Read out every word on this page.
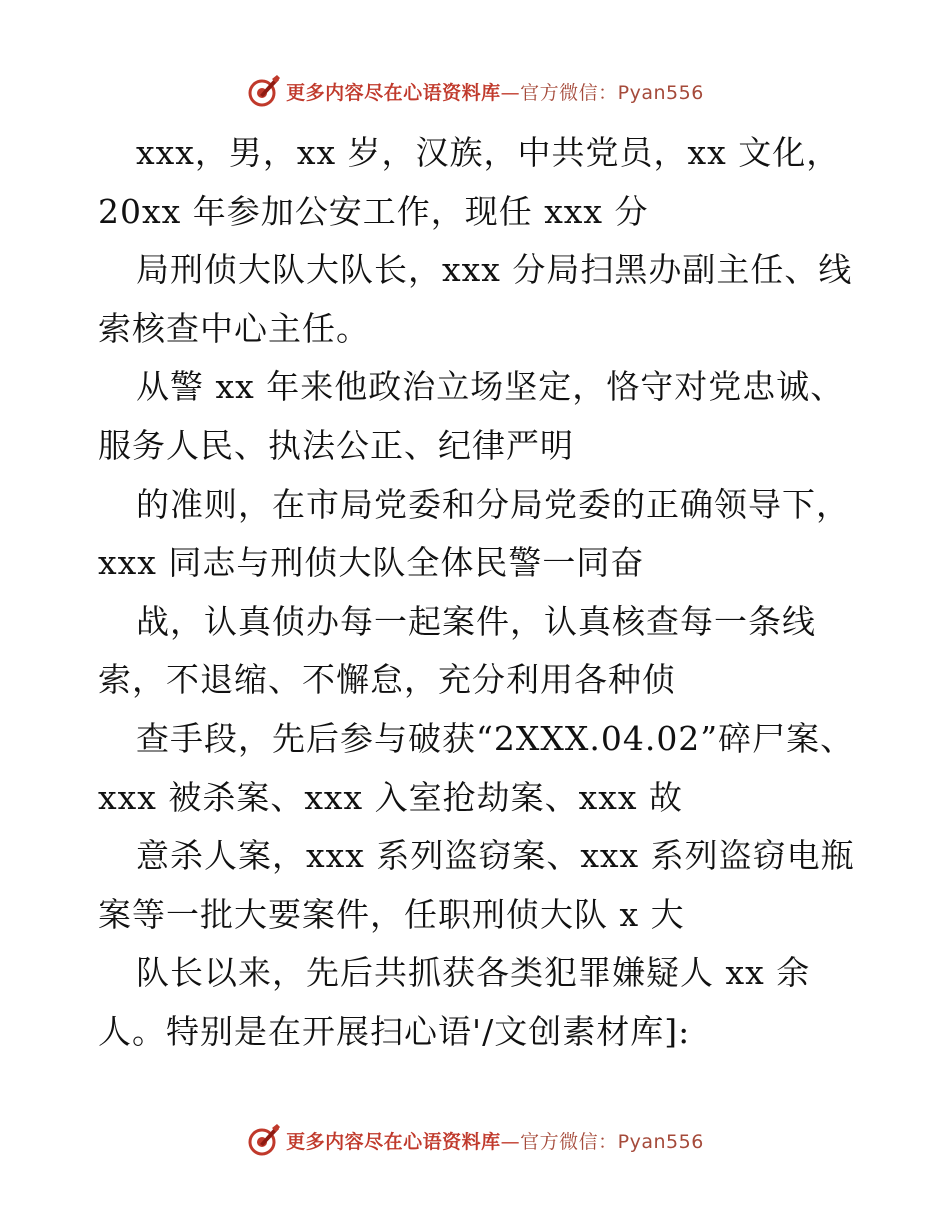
更多内容尽在心语资料库—官方微信：Pyan556
xxx，男，xx 岁，汉族，中共党员，xx 文化，
20xx 年参加公安工作，现任 xxx 分
局刑侦大队大队长，xxx 分局扫黑办副主任、线
索核查中心主任。
从警 xx 年来他政治立场坚定，恪守对党忠诚、
服务人民、执法公正、纪律严明
的准则，在市局党委和分局党委的正确领导下，
xxx 同志与刑侦大队全体民警一同奋
战，认真侦办每一起案件，认真核查每一条线
索，不退缩、不懈怠，充分利用各种侦
查手段，先后参与破获“2XXX.04.02”碎尸案、
xxx 被杀案、xxx 入室抢劫案、xxx 故
意杀人案，xxx 系列盗窃案、xxx 系列盗窃电瓶
案等一批大要案件，任职刑侦大队 x 大
队长以来，先后共抓获各类犯罪嫌疑人 xx 余
人。特别是在开展扫心语'/文创素材库]:
更多内容尽在心语资料库—官方微信：Pyan556
